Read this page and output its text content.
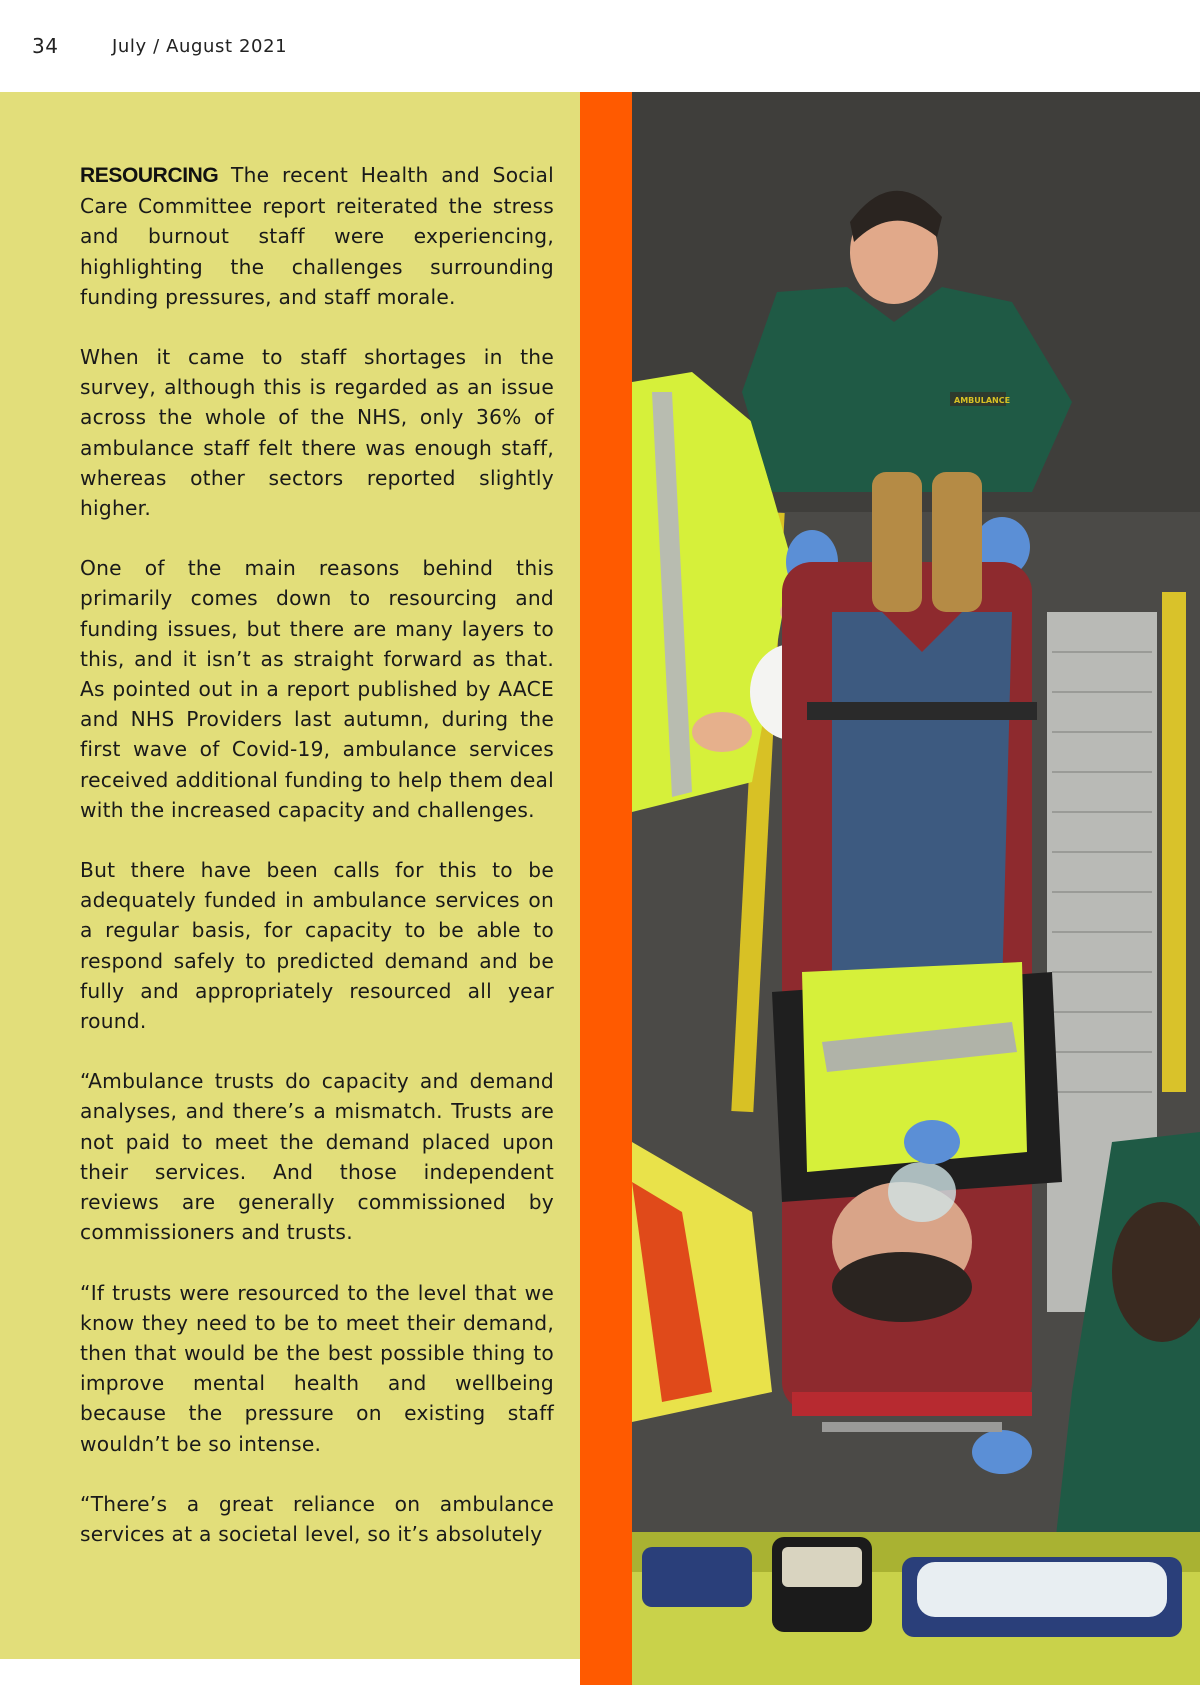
34	July / August 2021

RESOURCING The recent Health and Social Care Committee report reiterated the stress and burnout staff were experiencing, highlighting the challenges surrounding funding pressures, and staff morale.

When it came to staff shortages in the survey, although this is regarded as an issue across the whole of the NHS, only 36% of ambulance staff felt there was enough staff, whereas other sectors reported slightly higher.

One of the main reasons behind this primarily comes down to resourcing and funding issues, but there are many layers to this, and it isn’t as straight forward as that. As pointed out in a report published by AACE and NHS Providers last autumn, during the first wave of Covid-19, ambulance services received additional funding to help them deal with the increased capacity and challenges.

But there have been calls for this to be adequately funded in ambulance services on a regular basis, for capacity to be able to respond safely to predicted demand and be fully and appropriately resourced all year round.

“Ambulance trusts do capacity and demand analyses, and there’s a mismatch. Trusts are not paid to meet the demand placed upon their services. And those independent reviews are generally commissioned by commissioners and trusts.

“If trusts were resourced to the level that we know they need to be to meet their demand, then that would be the best possible thing to improve mental health and wellbeing because the pressure on existing staff wouldn’t be so intense.

“There’s a great reliance on ambulance services at a societal level, so it’s absolutely

AMBULANCE
